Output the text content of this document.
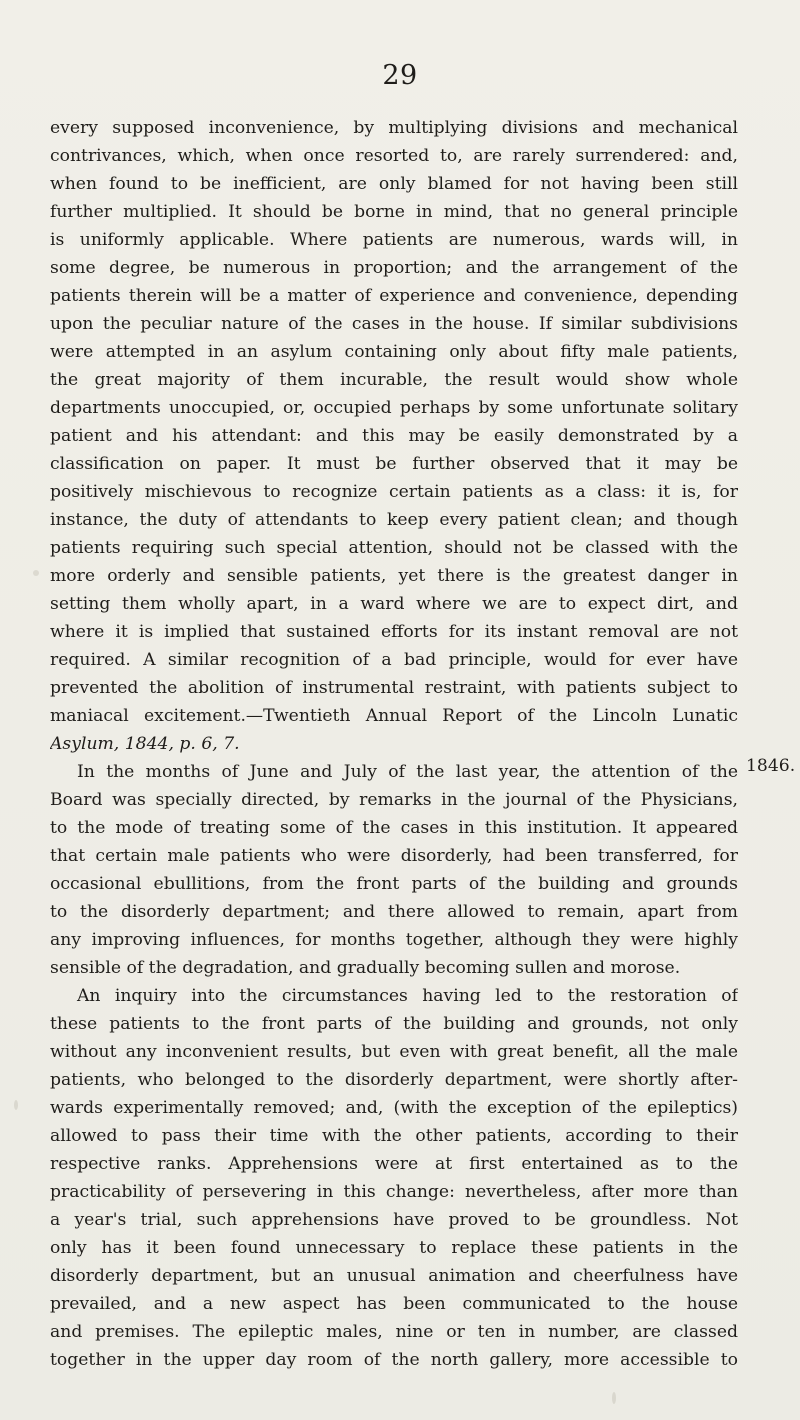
29
every supposed inconvenience, by multiplying divisions and mechanical
contrivances, which, when once resorted to, are rarely surrendered: and,
when found to be inefficient, are only blamed for not having been still
further multiplied. It should be borne in mind, that no general principle
is uniformly applicable. Where patients are numerous, wards will, in
some degree, be numerous in proportion; and the arrangement of the
patients therein will be a matter of experience and convenience, depending
upon the peculiar nature of the cases in the house. If similar subdivisions
were attempted in an asylum containing only about fifty male patients,
the great majority of them incurable, the result would show whole
departments unoccupied, or, occupied perhaps by some unfortunate solitary
patient and his attendant: and this may be easily demonstrated by a
classification on paper. It must be further observed that it may be
positively mischievous to recognize certain patients as a class: it is, for
instance, the duty of attendants to keep every patient clean; and though
patients requiring such special attention, should not be classed with the
more orderly and sensible patients, yet there is the greatest danger in
setting them wholly apart, in a ward where we are to expect dirt, and
where it is implied that sustained efforts for its instant removal are not
required. A similar recognition of a bad principle, would for ever have
prevented the abolition of instrumental restraint, with patients subject to
maniacal excitement.—Twentieth Annual Report of the Lincoln Lunatic
Asylum, 1844, p. 6, 7.
In the months of June and July of the last year, the attention of the
Board was specially directed, by remarks in the journal of the Physicians,
to the mode of treating some of the cases in this institution. It appeared
that certain male patients who were disorderly, had been transferred, for
occasional ebullitions, from the front parts of the building and grounds
to the disorderly department; and there allowed to remain, apart from
any improving influences, for months together, although they were highly
sensible of the degradation, and gradually becoming sullen and morose.
An inquiry into the circumstances having led to the restoration of
these patients to the front parts of the building and grounds, not only
without any inconvenient results, but even with great benefit, all the male
patients, who belonged to the disorderly department, were shortly after-
wards experimentally removed; and, (with the exception of the epileptics)
allowed to pass their time with the other patients, according to their
respective ranks. Apprehensions were at first entertained as to the
practicability of persevering in this change: nevertheless, after more than
a year's trial, such apprehensions have proved to be groundless. Not
only has it been found unnecessary to replace these patients in the
disorderly department, but an unusual animation and cheerfulness have
prevailed, and a new aspect has been communicated to the house
and premises. The epileptic males, nine or ten in number, are classed
together in the upper day room of the north gallery, more accessible to
1846.
